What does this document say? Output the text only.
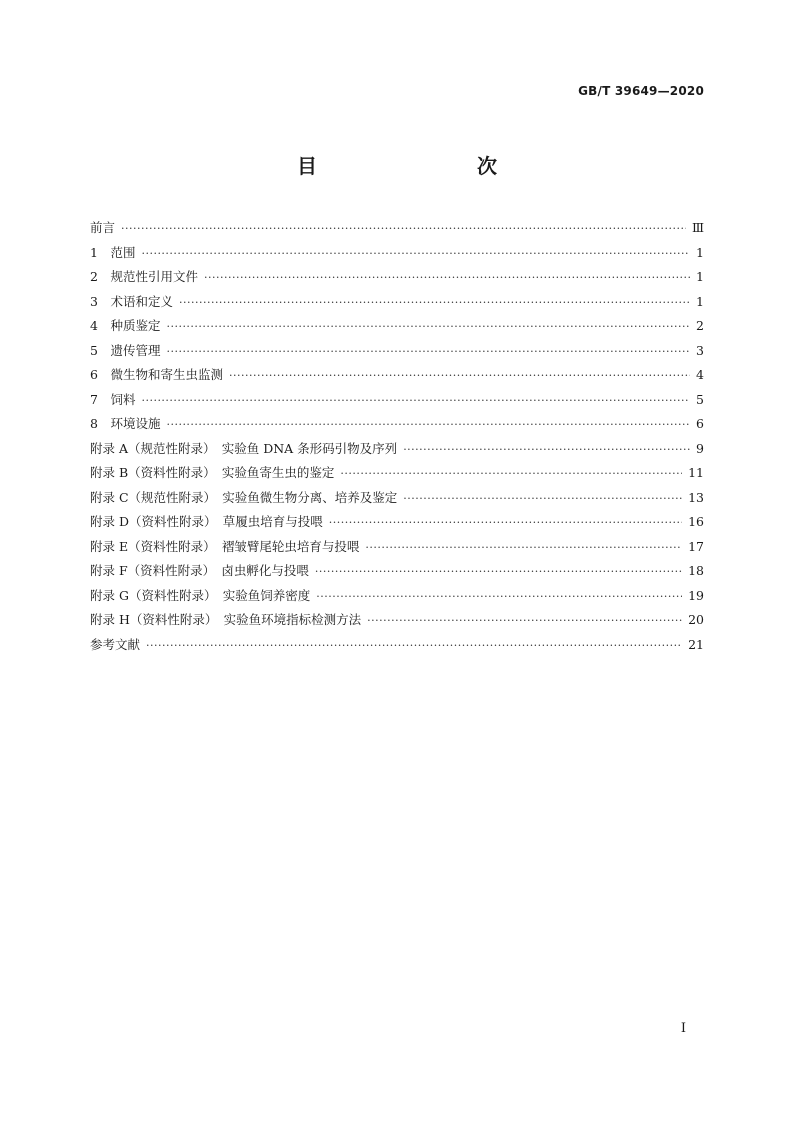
GB/T 39649—2020
目　　次
前言 ·····	Ⅲ
1　范围 ·····	1
2　规范性引用文件 ·····	1
3　术语和定义 ·····	1
4　种质鉴定 ·····	2
5　遗传管理 ·····	3
6　微生物和寄生虫监测 ·····	4
7　饲料 ·····	5
8　环境设施 ·····	6
附录 A（规范性附录）　实验鱼 DNA 条形码引物及序列 ·····	9
附录 B（资料性附录）　实验鱼寄生虫的鉴定 ·····	11
附录 C（规范性附录）　实验鱼微生物分离、培养及鉴定 ·····	13
附录 D（资料性附录）　草履虫培育与投喂 ·····	16
附录 E（资料性附录）　褶皱臂尾轮虫培育与投喂 ·····	17
附录 F（资料性附录）　卤虫孵化与投喂 ·····	18
附录 G（资料性附录）　实验鱼饲养密度 ·····	19
附录 H（资料性附录）　实验鱼环境指标检测方法 ·····	20
参考文献 ·····	21
Ⅰ
